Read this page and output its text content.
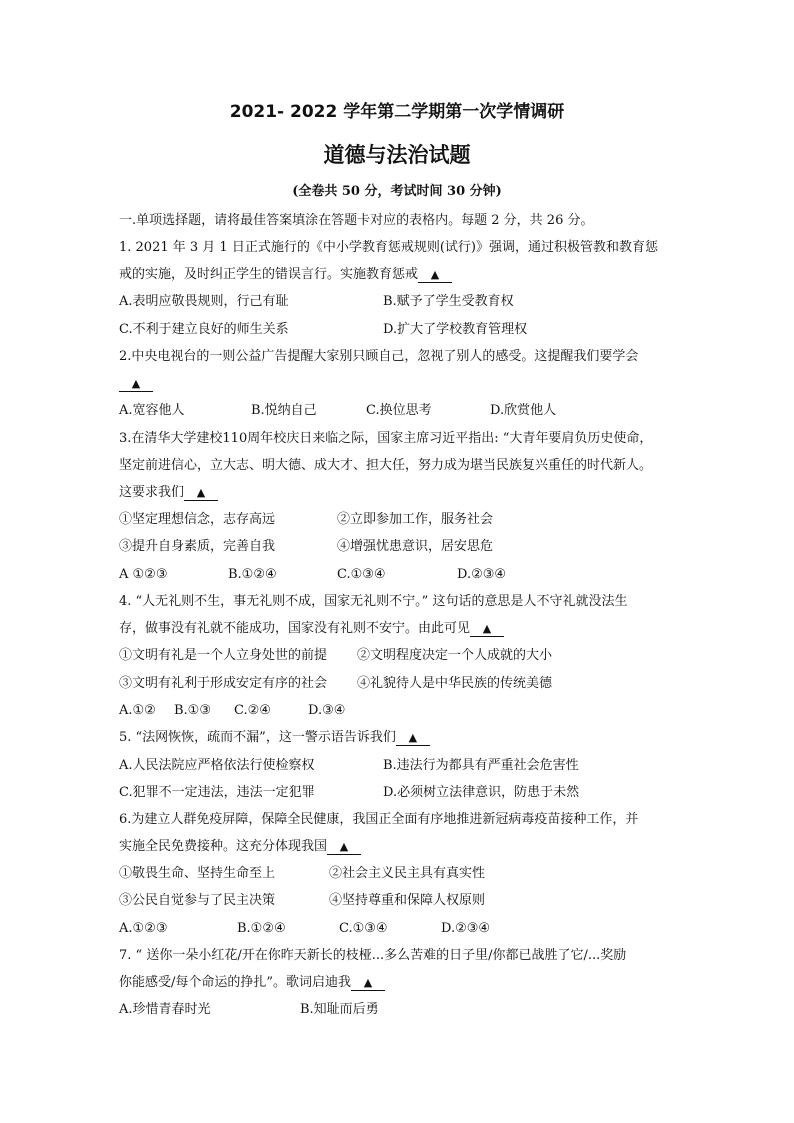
2021- 2022 学年第二学期第一次学情调研
道德与法治试题
(全卷共 50 分，考试时间 30 分钟)
一.单项选择题，请将最佳答案填涂在答题卡对应的表格内。每题 2 分，共 26 分。
1. 2021 年 3 月 1 日正式施行的《中小学教育惩戒规则(试行)》强调，通过积极管教和教育惩
戒的实施，及时纠正学生的错误言行。实施教育惩戒 ▲
A.表明应敬畏规则，行己有耻	B.赋予了学生受教育权
C.不利于建立良好的师生关系	D.扩大了学校教育管理权
2.中央电视台的一则公益广告提醒大家别只顾自己，忽视了别人的感受。这提醒我们要学会
▲
A.宽容他人	B.悦纳自己	C.换位思考	D.欣赏他人
3.在清华大学建校110周年校庆日来临之际，国家主席习近平指出: “大青年要肩负历史使命，
坚定前进信心，立大志、明大德、成大才、担大任，努力成为堪当民族复兴重任的时代新人。
这要求我们 ▲
①坚定理想信念，志存高远	②立即参加工作，服务社会
③提升自身素质，完善自我	④增强忧患意识，居安思危
A ①②③	B.①②④	C.①③④	D.②③④
4. “人无礼则不生，事无礼则不成，国家无礼则不宁。” 这句话的意思是人不守礼就没法生
存，做事没有礼就不能成功，国家没有礼则不安宁。由此可见 ▲
①文明有礼是一个人立身处世的前提 ②文明程度决定一个人成就的大小
③文明有礼利于形成安定有序的社会 ④礼貌待人是中华民族的传统美德
A.①② B.①③ C.②④	D.③④
5. “法网恢恢，疏而不漏”，这一警示语告诉我们 ▲
A.人民法院应严格依法行使检察权	B.违法行为都具有严重社会危害性
C.犯罪不一定违法，违法一定犯罪	D.必须树立法律意识，防患于未然
6.为建立人群免疫屏障，保障全民健康，我国正全面有序地推进新冠病毒疫苗接种工作，并
实施全民免费接种。这充分体现我国 ▲
①敬畏生命、坚持生命至上	②社会主义民主具有真实性
③公民自觉参与了民主决策	④坚持尊重和保障人权原则
A.①②③	B.①②④	C.①③④	D.②③④
7. “ 送你一朵小红花/开在你昨天新长的枝桠...多么苦难的日子里/你都已战胜了它/...奖励
你能感受/每个命运的挣扎”。歌词启迪我 ▲
A.珍惜青春时光	B.知耻而后勇
